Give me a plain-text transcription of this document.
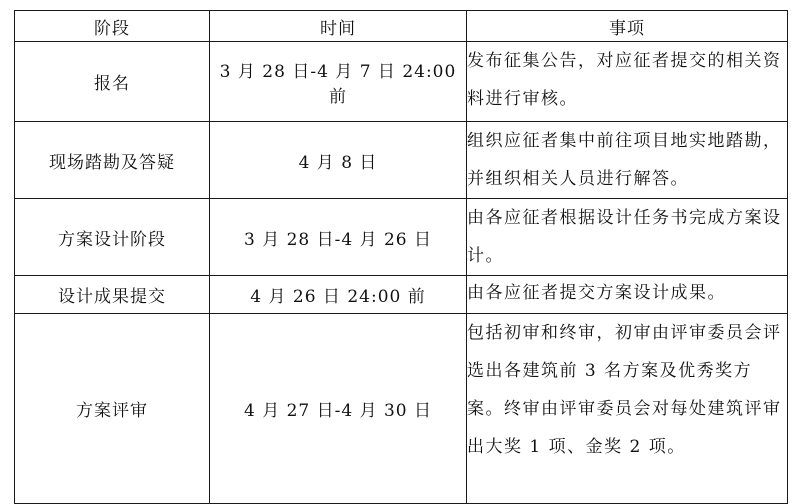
阶段	时间	事项
报名	3 月 28 日-4 月 7 日 24:00 前	发布征集公告，对应征者提交的相关资料进行审核。
现场踏勘及答疑	4 月 8 日	组织应征者集中前往项目地实地踏勘，并组织相关人员进行解答。
方案设计阶段	3 月 28 日-4 月 26 日	由各应征者根据设计任务书完成方案设计。
设计成果提交	4 月 26 日 24:00 前	由各应征者提交方案设计成果。
方案评审	4 月 27 日-4 月 30 日	包括初审和终审，初审由评审委员会评选出各建筑前 3 名方案及优秀奖方案。终审由评审委员会对每处建筑评审出大奖 1 项、金奖 2 项。
